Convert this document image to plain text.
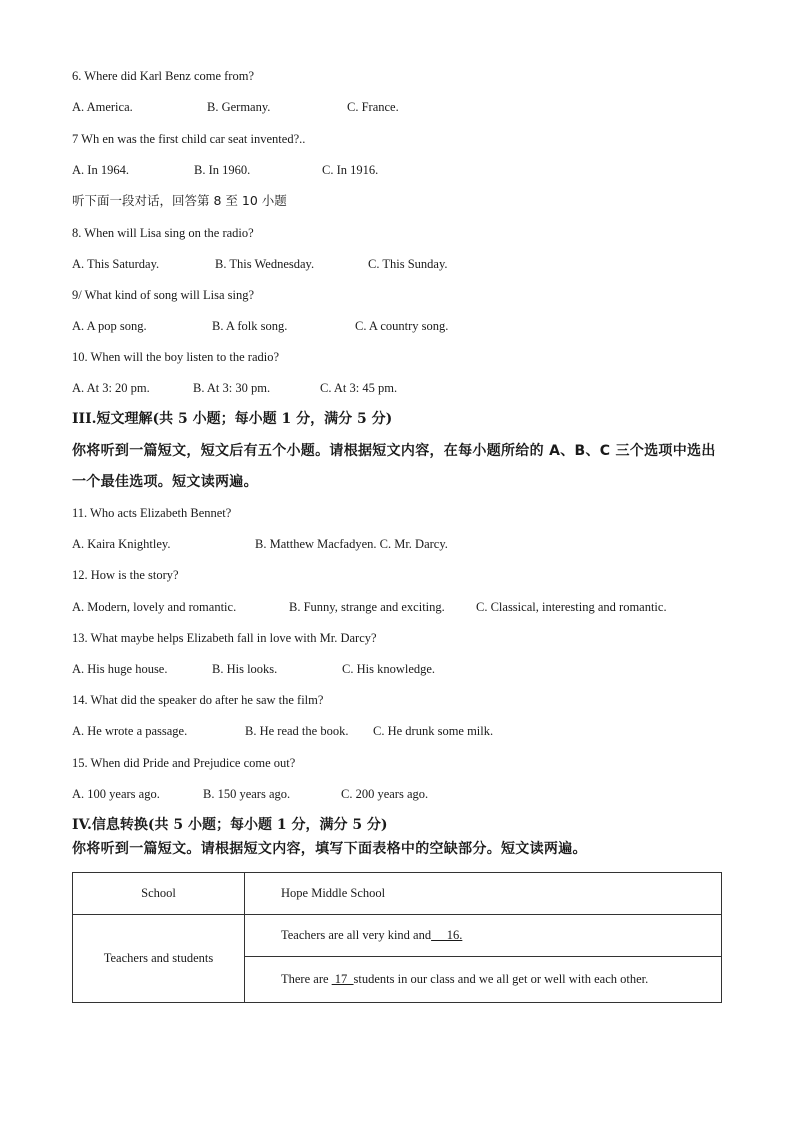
6. Where did Karl Benz come from?
A. America.	B. Germany.	C. France.
7 Wh en was the first child car seat invented?..
A. In 1964.	B. In 1960.	C. In 1916.
听下面一段对话，回答第 8 至 10 小题
8. When will Lisa sing on the radio?
A. This Saturday.	B. This Wednesday.	C. This Sunday.
9/ What kind of song will Lisa sing?
A. A pop song.	B. A folk song.	C. A country song.
10. When will the boy listen to the radio?
A. At 3: 20 pm.	B. At 3: 30 pm.	C. At 3: 45 pm.
III.短文理解(共 5 小题；每小题 1 分，满分 5 分)
你将听到一篇短文，短文后有五个小题。请根据短文内容，在每小题所给的 A、B、C 三个选项中选出一个最佳选项。短文读两遍。
11. Who acts Elizabeth Bennet?
A. Kaira Knightley.	B. Matthew Macfadyen. C. Mr. Darcy.
12. How is the story?
A. Modern, lovely and romantic.	B. Funny, strange and exciting. C. Classical, interesting and romantic.
13. What maybe helps Elizabeth fall in love with Mr. Darcy?
A. His huge house.	B. His looks.	C. His knowledge.
14. What did the speaker do after he saw the film?
A. He wrote a passage.	B. He read the book. C. He drunk some milk.
15. When did Pride and Prejudice come out?
A. 100 years ago.	B. 150 years ago.	C. 200 years ago.
IV.信息转换(共 5 小题；每小题 1 分，满分 5 分)
你将听到一篇短文。请根据短文内容，填写下面表格中的空缺部分。短文读两遍。
School	Hope Middle School
Teachers and students	Teachers are all very kind and     16.
	There are  17  students in our class and we all get or well with each other.
